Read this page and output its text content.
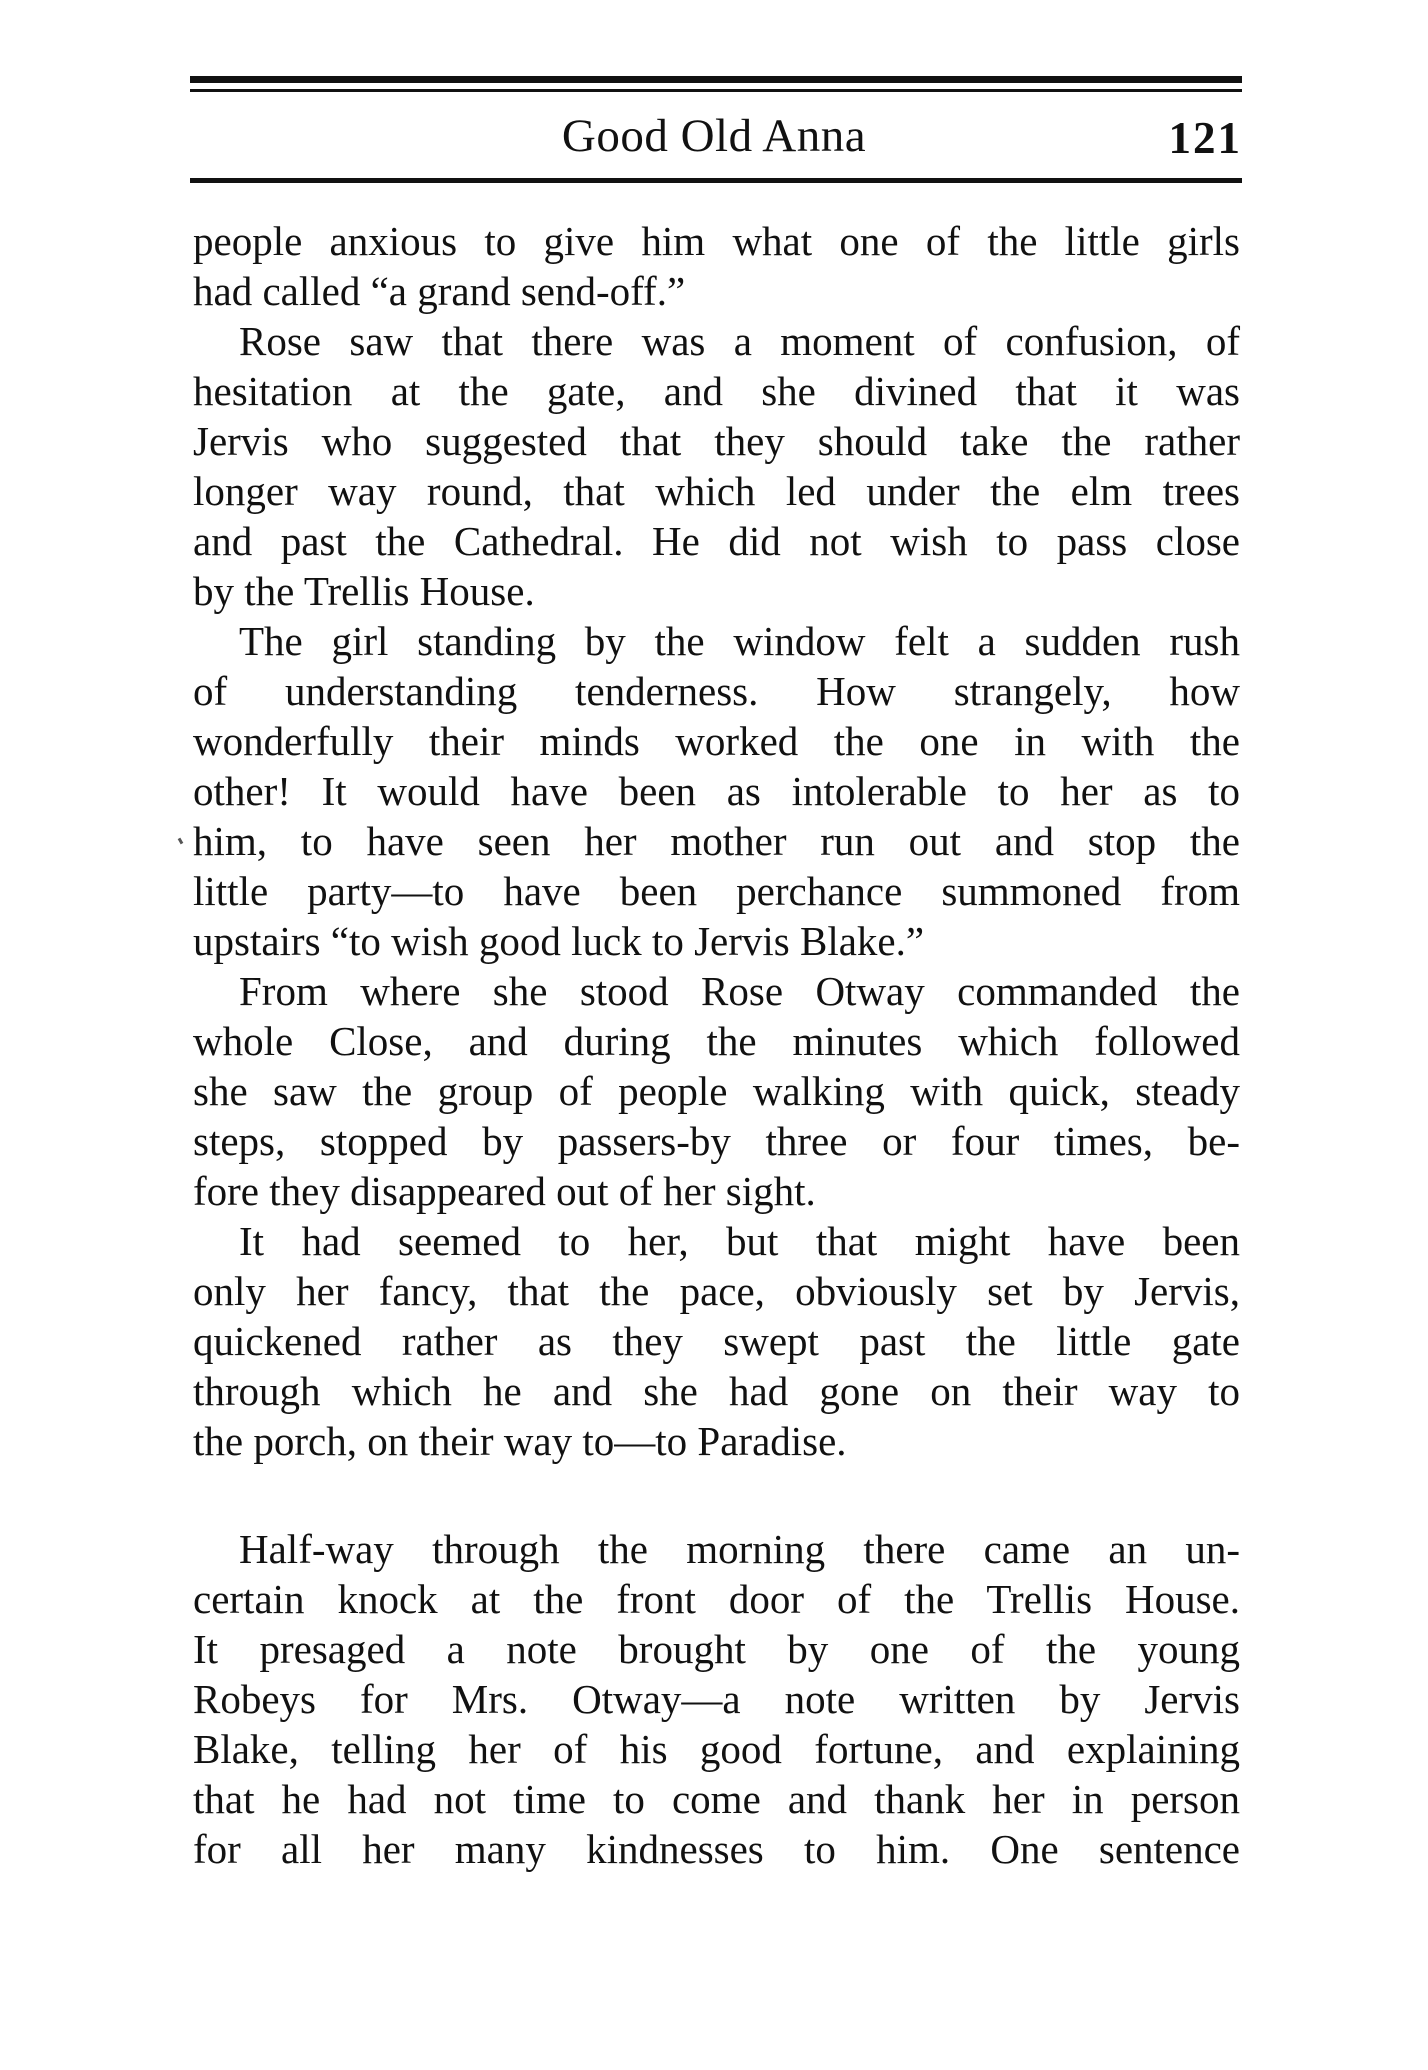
Good Old Anna	121
people anxious to give him what one of the little girls
had called “a grand send-off.”
Rose saw that there was a moment of confusion, of
hesitation at the gate, and she divined that it was
Jervis who suggested that they should take the rather
longer way round, that which led under the elm trees
and past the Cathedral. He did not wish to pass close
by the Trellis House.
The girl standing by the window felt a sudden rush
of understanding tenderness. How strangely, how
wonderfully their minds worked the one in with the
other! It would have been as intolerable to her as to
him, to have seen her mother run out and stop the
little party—to have been perchance summoned from
upstairs “to wish good luck to Jervis Blake.”
From where she stood Rose Otway commanded the
whole Close, and during the minutes which followed
she saw the group of people walking with quick, steady
steps, stopped by passers-by three or four times, be-
fore they disappeared out of her sight.
It had seemed to her, but that might have been
only her fancy, that the pace, obviously set by Jervis,
quickened rather as they swept past the little gate
through which he and she had gone on their way to
the porch, on their way to—to Paradise.
Half-way through the morning there came an un-
certain knock at the front door of the Trellis House.
It presaged a note brought by one of the young
Robeys for Mrs. Otway—a note written by Jervis
Blake, telling her of his good fortune, and explaining
that he had not time to come and thank her in person
for all her many kindnesses to him. One sentence
